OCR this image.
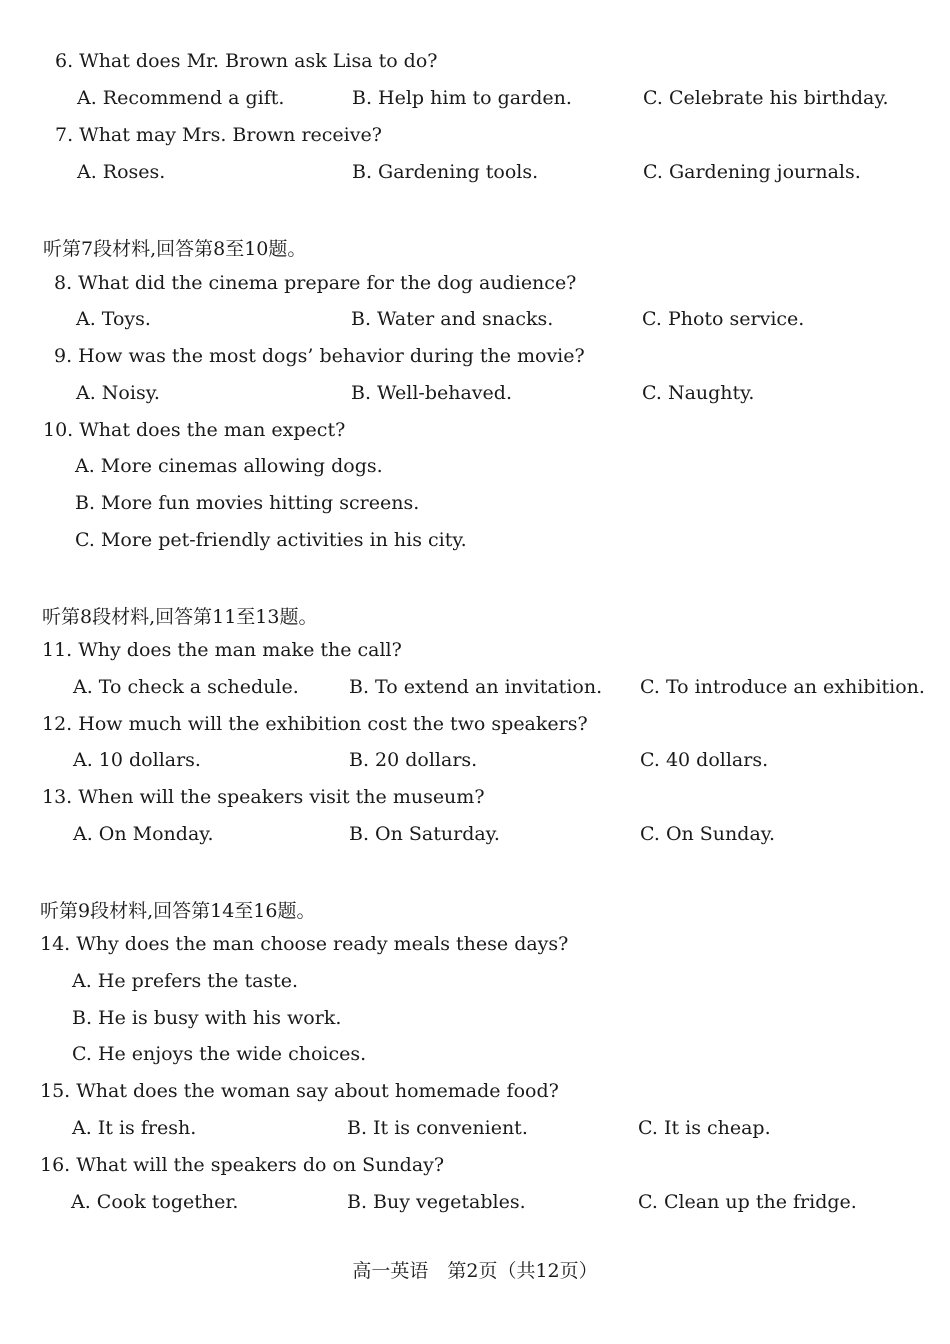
6. What does Mr. Brown ask Lisa to do?
A. Recommend a gift.	B. Help him to garden.	C. Celebrate his birthday.
7. What may Mrs. Brown receive?
A. Roses.	B. Gardening tools.	C. Gardening journals.
听第7段材料,回答第8至10题。
8. What did the cinema prepare for the dog audience?
A. Toys.	B. Water and snacks.	C. Photo service.
9. How was the most dogs’ behavior during the movie?
A. Noisy.	B. Well-behaved.	C. Naughty.
10. What does the man expect?
A. More cinemas allowing dogs.
B. More fun movies hitting screens.
C. More pet-friendly activities in his city.
听第8段材料,回答第11至13题。
11. Why does the man make the call?
A. To check a schedule.	B. To extend an invitation. C. To introduce an exhibition.
12. How much will the exhibition cost the two speakers?
A. 10 dollars.	B. 20 dollars.	C. 40 dollars.
13. When will the speakers visit the museum?
A. On Monday.	B. On Saturday.	C. On Sunday.
听第9段材料,回答第14至16题。
14. Why does the man choose ready meals these days?
A. He prefers the taste.
B. He is busy with his work.
C. He enjoys the wide choices.
15. What does the woman say about homemade food?
A. It is fresh.	B. It is convenient.	C. It is cheap.
16. What will the speakers do on Sunday?
A. Cook together.	B. Buy vegetables.	C. Clean up the fridge.
高一英语　第2页（共12页）
